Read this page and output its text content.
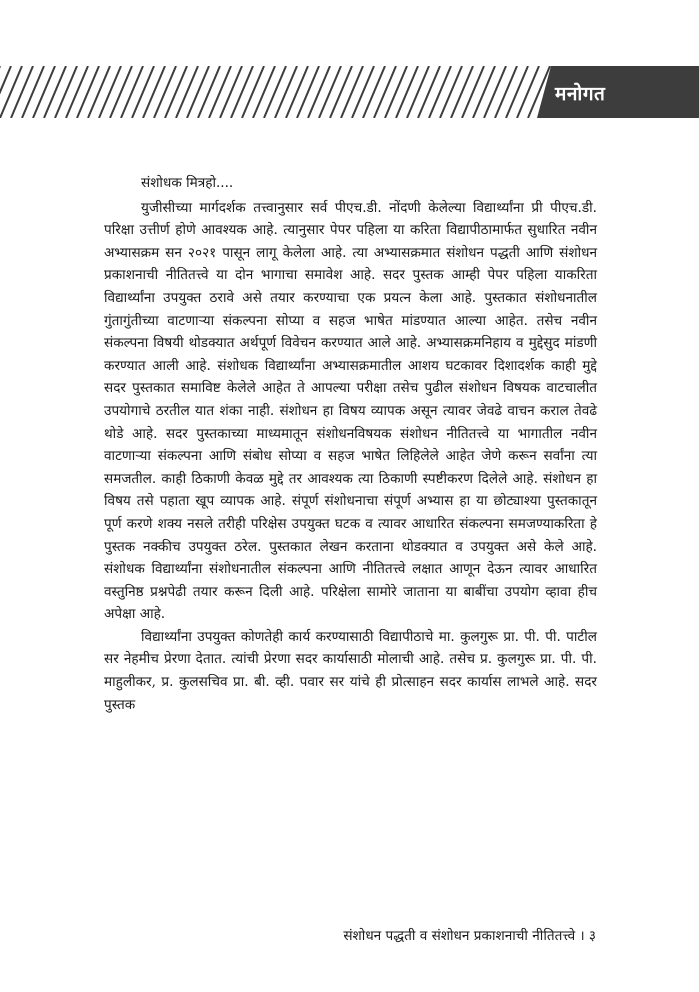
मनोगत

संशोधक मित्रहो....

युजीसीच्या मार्गदर्शक तत्त्वानुसार सर्व पीएच.डी. नोंदणी केलेल्या विद्यार्थ्यांना प्री पीएच.डी. परिक्षा उत्तीर्ण होणे आवश्यक आहे. त्यानुसार पेपर पहिला या करिता विद्यापीठामार्फत सुधारित नवीन अभ्यासक्रम सन २०२१ पासून लागू केलेला आहे. त्या अभ्यासक्रमात संशोधन पद्धती आणि संशोधन प्रकाशनाची नीतितत्त्वे या दोन भागाचा समावेश आहे. सदर पुस्तक आम्ही पेपर पहिला याकरिता विद्यार्थ्यांना उपयुक्त ठरावे असे तयार करण्याचा एक प्रयत्न केला आहे. पुस्तकात संशोधनातील गुंतागुंतीच्या वाटणाऱ्या संकल्पना सोप्या व सहज भाषेत मांडण्यात आल्या आहेत. तसेच नवीन संकल्पना विषयी थोडक्यात अर्थपूर्ण विवेचन करण्यात आले आहे. अभ्यासक्रमनिहाय व मुद्देसुद मांडणी करण्यात आली आहे. संशोधक विद्यार्थ्यांना अभ्यासक्रमातील आशय घटकावर दिशादर्शक काही मुद्दे सदर पुस्तकात समाविष्ट केलेले आहेत ते आपल्या परीक्षा तसेच पुढील संशोधन विषयक वाटचालीत उपयोगाचे ठरतील यात शंका नाही. संशोधन हा विषय व्यापक असून त्यावर जेवढे वाचन कराल तेवढे थोडे आहे. सदर पुस्तकाच्या माध्यमातून संशोधनविषयक संशोधन नीतितत्त्वे या भागातील नवीन वाटणाऱ्या संकल्पना आणि संबोध सोप्या व सहज भाषेत लिहिलेले आहेत जेणे करून सर्वांना त्या समजतील. काही ठिकाणी केवळ मुद्दे तर आवश्यक त्या ठिकाणी स्पष्टीकरण दिलेले आहे. संशोधन हा विषय तसे पहाता खूप व्यापक आहे. संपूर्ण संशोधनाचा संपूर्ण अभ्यास हा या छोट्याश्या पुस्तकातून पूर्ण करणे शक्य नसले तरीही परिक्षेस उपयुक्त घटक व त्यावर आधारित संकल्पना समजण्याकरिता हे पुस्तक नक्कीच उपयुक्त ठरेल. पुस्तकात लेखन करताना थोडक्यात व उपयुक्त असे केले आहे. संशोधक विद्यार्थ्यांना संशोधनातील संकल्पना आणि नीतितत्त्वे लक्षात आणून देऊन त्यावर आधारित वस्तुनिष्ठ प्रश्नपेढी तयार करून दिली आहे. परिक्षेला सामोरे जाताना या बाबींचा उपयोग व्हावा हीच अपेक्षा आहे.

विद्यार्थ्यांना उपयुक्त कोणतेही कार्य करण्यासाठी विद्यापीठाचे मा. कुलगुरू प्रा. पी. पी. पाटील सर नेहमीच प्रेरणा देतात. त्यांची प्रेरणा सदर कार्यासाठी मोलाची आहे. तसेच प्र. कुलगुरू प्रा. पी. पी. माहुलीकर, प्र. कुलसचिव प्रा. बी. व्ही. पवार सर यांचे ही प्रोत्साहन सदर कार्यास लाभले आहे. सदर पुस्तक

संशोधन पद्धती व संशोधन प्रकाशनाची नीतितत्त्वे । ३
